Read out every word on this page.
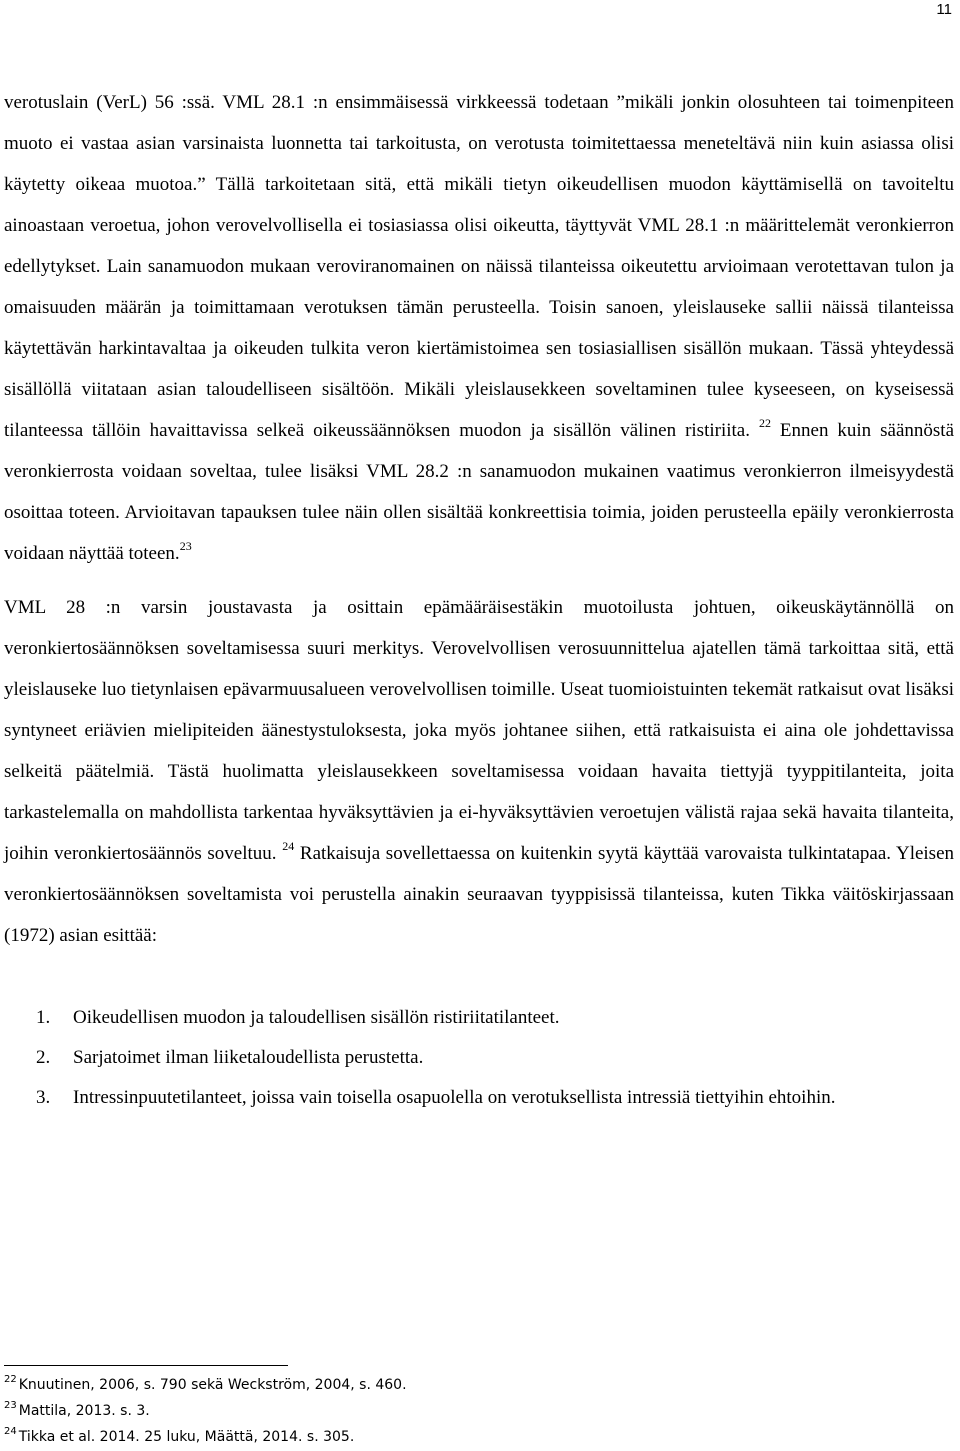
11

verotuslain (VerL) 56 :ssä. VML 28.1 :n ensimmäisessä virkkeessä todetaan ”mikäli jonkin olosuhteen tai toimenpiteen muoto ei vastaa asian varsinaista luonnetta tai tarkoitusta, on verotusta toimitettaessa meneteltävä niin kuin asiassa olisi käytetty oikeaa muotoa.” Tällä tarkoitetaan sitä, että mikäli tietyn oikeudellisen muodon käyttämisellä on tavoiteltu ainoastaan veroetua, johon verovelvollisella ei tosiasiassa olisi oikeutta, täyttyvät VML 28.1 :n määrittelemät veronkierron edellytykset. Lain sanamuodon mukaan veroviranomainen on näissä tilanteissa oikeutettu arvioimaan verotettavan tulon ja omaisuuden määrän ja toimittamaan verotuksen tämän perusteella. Toisin sanoen, yleislauseke sallii näissä tilanteissa käytettävän harkintavaltaa ja oikeuden tulkita veron kiertämistoimea sen tosiasiallisen sisällön mukaan. Tässä yhteydessä sisällöllä viitataan asian taloudelliseen sisältöön. Mikäli yleislausekkeen soveltaminen tulee kyseeseen, on kyseisessä tilanteessa tällöin havaittavissa selkeä oikeussäännöksen muodon ja sisällön välinen ristiriita. $^{22}$ Ennen kuin säännöstä veronkierrosta voidaan soveltaa, tulee lisäksi VML 28.2 :n sanamuodon mukainen vaatimus veronkierron ilmeisyydestä osoittaa toteen. Arvioitavan tapauksen tulee näin ollen sisältää konkreettisia toimia, joiden perusteella epäily veronkierrosta voidaan näyttää toteen.$^{23}$

VML 28 :n varsin joustavasta ja osittain epämääräisestäkin muotoilusta johtuen, oikeuskäytännöllä on veronkiertosäännöksen soveltamisessa suuri merkitys. Verovelvollisen verosuunnittelua ajatellen tämä tarkoittaa sitä, että yleislauseke luo tietynlaisen epävarmuusalueen verovelvollisen toimille. Useat tuomioistuinten tekemät ratkaisut ovat lisäksi syntyneet eriävien mielipiteiden äänestystuloksesta, joka myös johtanee siihen, että ratkaisuista ei aina ole johdettavissa selkeitä päätelmiä. Tästä huolimatta yleislausekkeen soveltamisessa voidaan havaita tiettyjä tyyppitilanteita, joita tarkastelemalla on mahdollista tarkentaa hyväksyttävien ja ei-hyväksyttävien veroetujen välistä rajaa sekä havaita tilanteita, joihin veronkiertosäännös soveltuu. $^{24}$ Ratkaisuja sovellettaessa on kuitenkin syytä käyttää varovaista tulkintatapaa. Yleisen veronkiertosäännöksen soveltamista voi perustella ainakin seuraavan tyyppisissä tilanteissa, kuten Tikka väitöskirjassaan (1972) asian esittää:

1. Oikeudellisen muodon ja taloudellisen sisällön ristiriitatilanteet.
2. Sarjatoimet ilman liiketaloudellista perustetta.
3. Intressinpuutetilanteet, joissa vain toisella osapuolella on verotuksellista intressiä tiettyihin ehtoihin.
$^{22}$ Knuutinen, 2006, s. 790 sekä Weckström, 2004, s. 460.
$^{23}$ Mattila, 2013. s. 3.
$^{24}$ Tikka et al. 2014. 25 luku, Määttä, 2014. s. 305.
